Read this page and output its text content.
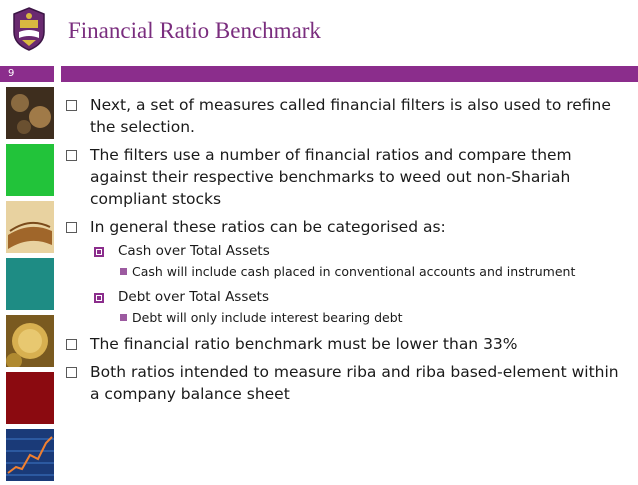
Financial Ratio Benchmark
9
Next, a set of measures called financial filters is also used to refine the selection.
The filters use a number of financial ratios and compare them against their respective benchmarks to weed out non-Shariah compliant stocks
In general these ratios can be categorised as:
Cash over Total Assets
Cash will include cash placed in conventional accounts and instrument
Debt over Total Assets
Debt will only include interest bearing debt
The financial ratio benchmark must be lower than 33%
Both ratios intended to measure riba and riba based-element within a company balance sheet
